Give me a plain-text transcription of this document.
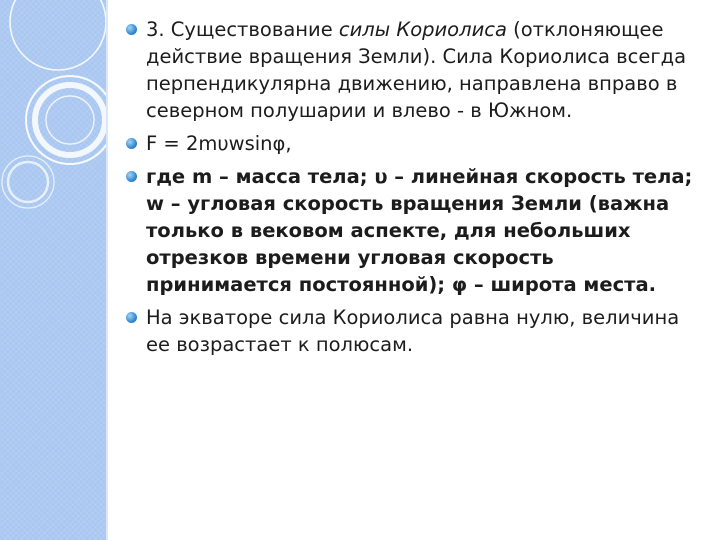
3. Существование силы Кориолиса (отклоняющее действие вращения Земли). Сила Кориолиса всегда перпендикулярна движению, направлена вправо в северном полушарии и влево - в Южном.
F = 2mυwsinφ,
где m – масса тела; υ – линейная скорость тела; w – угловая скорость вращения Земли (важна только в вековом аспекте, для небольших отрезков времени угловая скорость принимается постоянной); φ – широта места.
На экваторе сила Кориолиса равна нулю, величина ее возрастает к полюсам.
